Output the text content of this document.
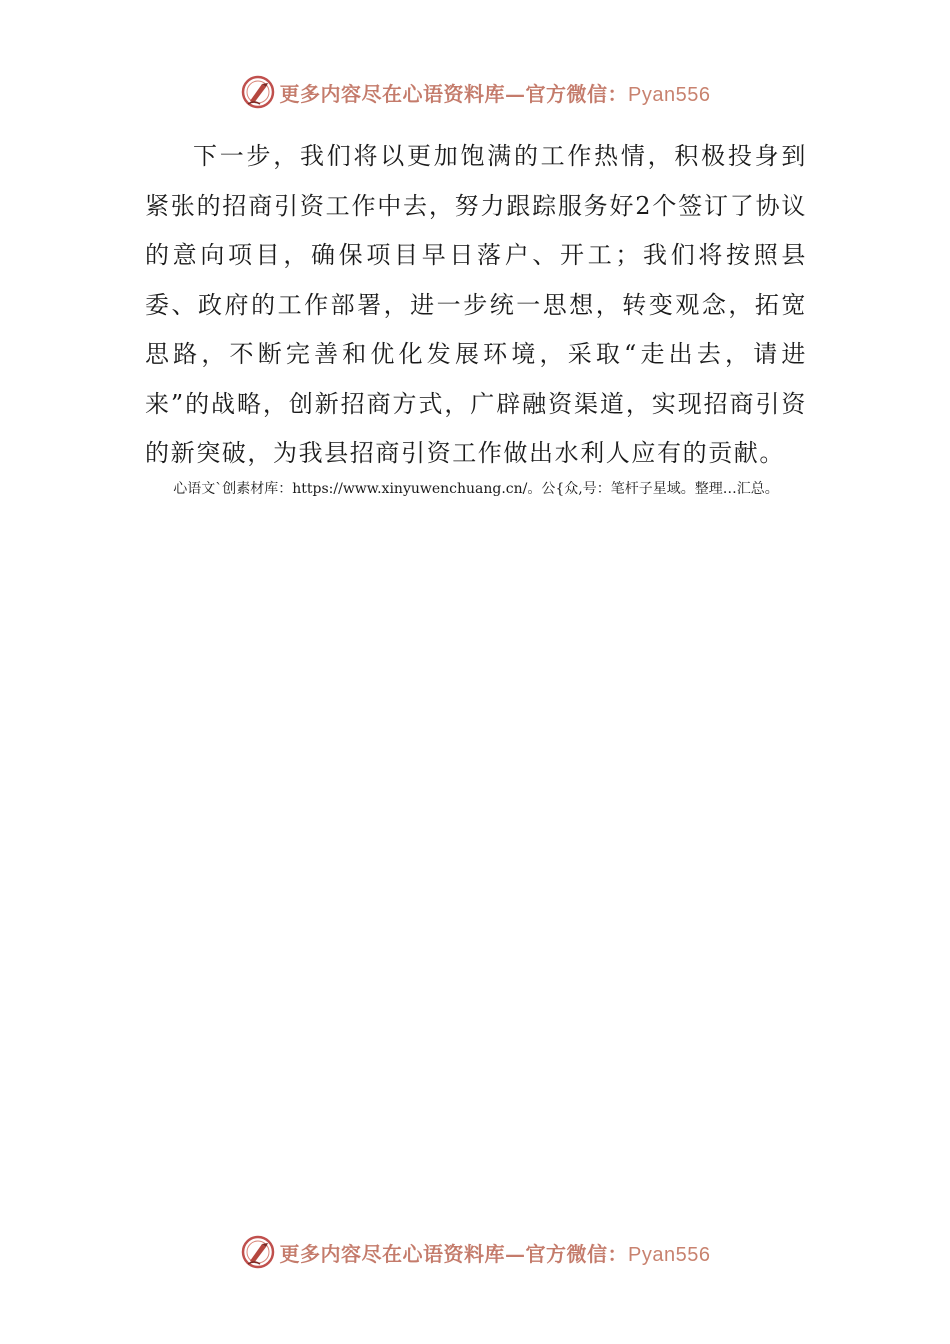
更多内容尽在心语资料库—官方微信：Pyan556

下一步，我们将以更加饱满的工作热情，积极投身到紧张的招商引资工作中去，努力跟踪服务好2个签订了协议的意向项目，确保项目早日落户、开工；我们将按照县委、政府的工作部署，进一步统一思想，转变观念，拓宽思路，不断完善和优化发展环境，采取“走出去，请进来”的战略，创新招商方式，广辟融资渠道，实现招商引资的新突破，为我县招商引资工作做出水利人应有的贡献。

心语文`创素材库：https://www.xinyuwenchuang.cn/。公{众,号：笔杆子星域。整理…汇总。
更多内容尽在心语资料库—官方微信：Pyan556
